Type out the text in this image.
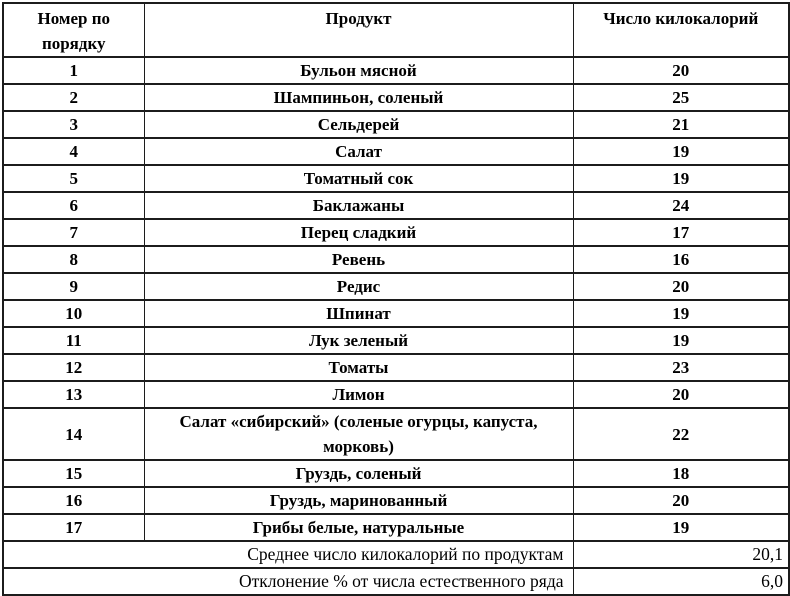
Номер по порядку	Продукт	Число килокалорий
1	Бульон мясной	20
2	Шампиньон, соленый	25
3	Сельдерей	21
4	Салат	19
5	Томатный сок	19
6	Баклажаны	24
7	Перец сладкий	17
8	Ревень	16
9	Редис	20
10	Шпинат	19
11	Лук зеленый	19
12	Томаты	23
13	Лимон	20
14	Салат «сибирский» (соленые огурцы, капуста, морковь)	22
15	Груздь, соленый	18
16	Груздь, маринованный	20
17	Грибы белые, натуральные	19
Среднее число килокалорий по продуктам		20,1
Отклонение % от числа естественного ряда		6,0
